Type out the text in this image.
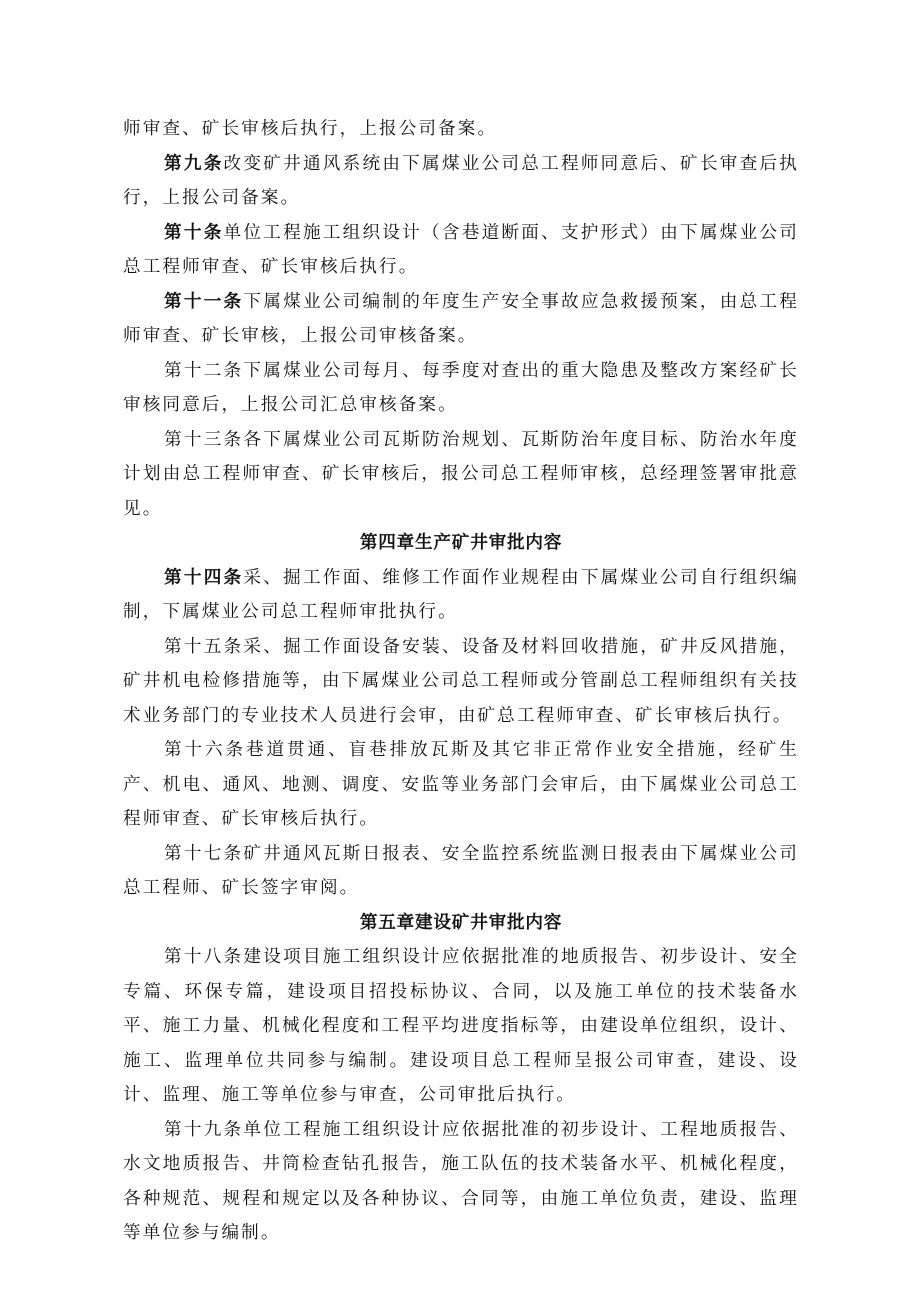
师审查、矿长审核后执行，上报公司备案。

第九条改变矿井通风系统由下属煤业公司总工程师同意后、矿长审查后执行，上报公司备案。

第十条单位工程施工组织设计（含巷道断面、支护形式）由下属煤业公司总工程师审查、矿长审核后执行。

第十一条下属煤业公司编制的年度生产安全事故应急救援预案，由总工程师审查、矿长审核，上报公司审核备案。

第十二条下属煤业公司每月、每季度对查出的重大隐患及整改方案经矿长审核同意后，上报公司汇总审核备案。

第十三条各下属煤业公司瓦斯防治规划、瓦斯防治年度目标、防治水年度计划由总工程师审查、矿长审核后，报公司总工程师审核，总经理签署审批意见。

第四章生产矿井审批内容

第十四条采、掘工作面、维修工作面作业规程由下属煤业公司自行组织编制，下属煤业公司总工程师审批执行。

第十五条采、掘工作面设备安装、设备及材料回收措施，矿井反风措施，矿井机电检修措施等，由下属煤业公司总工程师或分管副总工程师组织有关技术业务部门的专业技术人员进行会审，由矿总工程师审查、矿长审核后执行。

第十六条巷道贯通、盲巷排放瓦斯及其它非正常作业安全措施，经矿生产、机电、通风、地测、调度、安监等业务部门会审后，由下属煤业公司总工程师审查、矿长审核后执行。

第十七条矿井通风瓦斯日报表、安全监控系统监测日报表由下属煤业公司总工程师、矿长签字审阅。

第五章建设矿井审批内容

第十八条建设项目施工组织设计应依据批准的地质报告、初步设计、安全专篇、环保专篇，建设项目招投标协议、合同，以及施工单位的技术装备水平、施工力量、机械化程度和工程平均进度指标等，由建设单位组织，设计、施工、监理单位共同参与编制。建设项目总工程师呈报公司审查，建设、设计、监理、施工等单位参与审查，公司审批后执行。

第十九条单位工程施工组织设计应依据批准的初步设计、工程地质报告、水文地质报告、井筒检查钻孔报告，施工队伍的技术装备水平、机械化程度，各种规范、规程和规定以及各种协议、合同等，由施工单位负责，建设、监理等单位参与编制。
